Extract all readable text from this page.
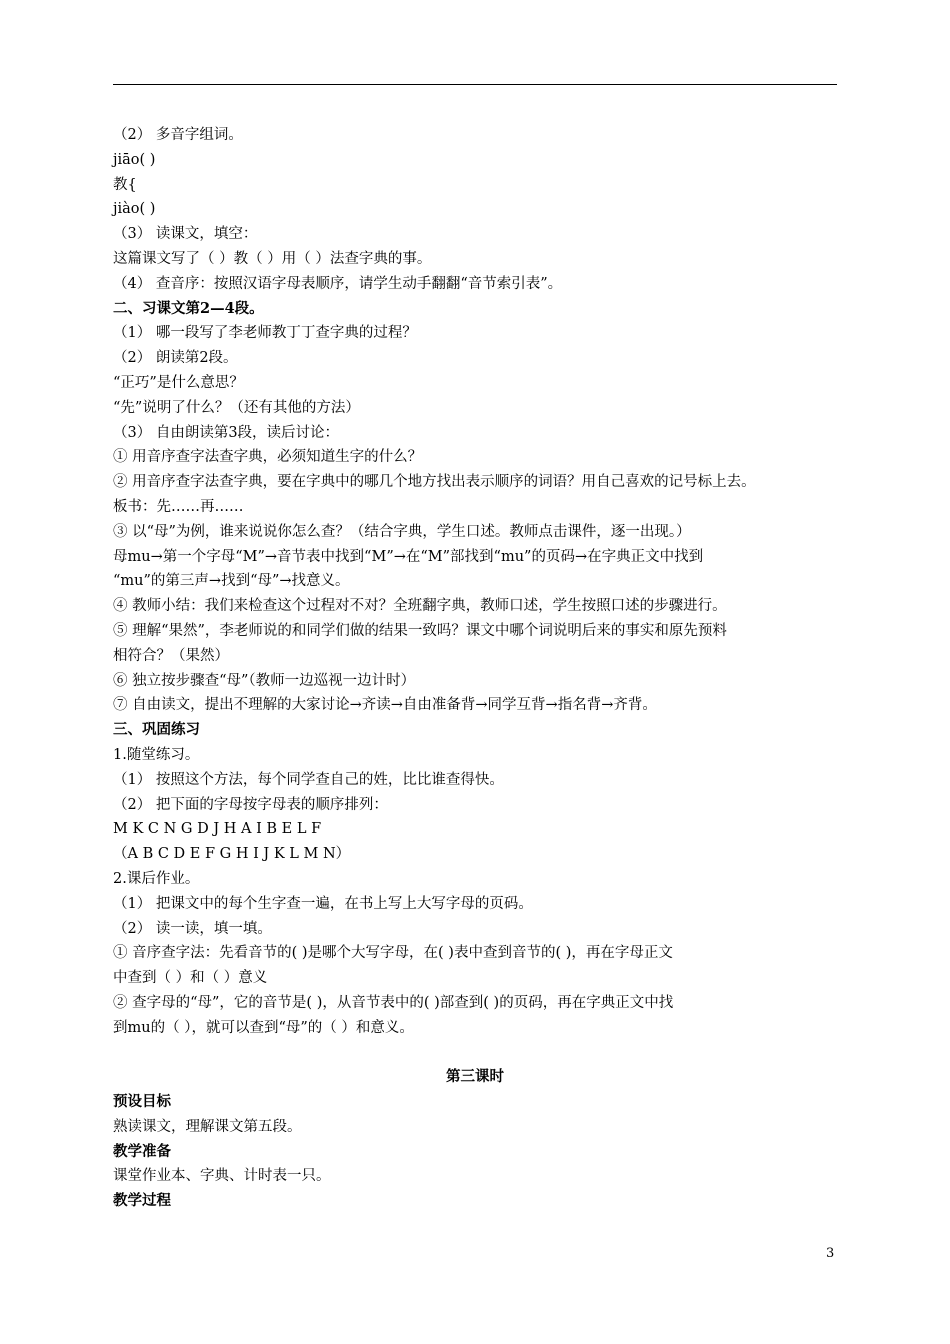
（2） 多音字组词。
jiāo( )
教{
jiào( )
（3） 读课文，填空：
这篇课文写了（ ）教（ ）用（ ）法查字典的事。
（4） 查音序：按照汉语字母表顺序，请学生动手翻翻“音节索引表”。
二、习课文第2—4段。
（1） 哪一段写了李老师教丁丁查字典的过程？
（2） 朗读第2段。
“正巧”是什么意思？
“先”说明了什么？（还有其他的方法）
（3） 自由朗读第3段，读后讨论：
① 用音序查字法查字典，必须知道生字的什么？
② 用音序查字法查字典，要在字典中的哪几个地方找出表示顺序的词语？用自己喜欢的记号标上去。
板书：先……再……
③ 以“母”为例，谁来说说你怎么查？（结合字典，学生口述。教师点击课件，逐一出现。）
母mu→第一个字母“M”→音节表中找到“M”→在“M”部找到“mu”的页码→在字典正文中找到
“mu”的第三声→找到“母”→找意义。
④ 教师小结：我们来检查这个过程对不对？全班翻字典，教师口述，学生按照口述的步骤进行。
⑤ 理解“果然”，李老师说的和同学们做的结果一致吗？课文中哪个词说明后来的事实和原先预料
相符合？（果然）
⑥ 独立按步骤查“母”（教师一边巡视一边计时）
⑦ 自由读文，提出不理解的大家讨论→齐读→自由准备背→同学互背→指名背→齐背。
三、巩固练习
1.随堂练习。
（1） 按照这个方法，每个同学查自己的姓，比比谁查得快。
（2） 把下面的字母按字母表的顺序排列：
M K C N G D J H A I B E L F
（A B C D E F G H I J K L M N）
2.课后作业。
（1） 把课文中的每个生字查一遍，在书上写上大写字母的页码。
（2） 读一读，填一填。
① 音序查字法：先看音节的( )是哪个大写字母，在( )表中查到音节的( )，再在字母正文
中查到（ ）和（ ）意义
② 查字母的“母”，它的音节是( )，从音节表中的( )部查到( )的页码，再在字典正文中找
到mu的（ ），就可以查到“母”的（ ）和意义。
第三课时
预设目标
熟读课文，理解课文第五段。
教学准备
课堂作业本、字典、计时表一只。
教学过程
3
